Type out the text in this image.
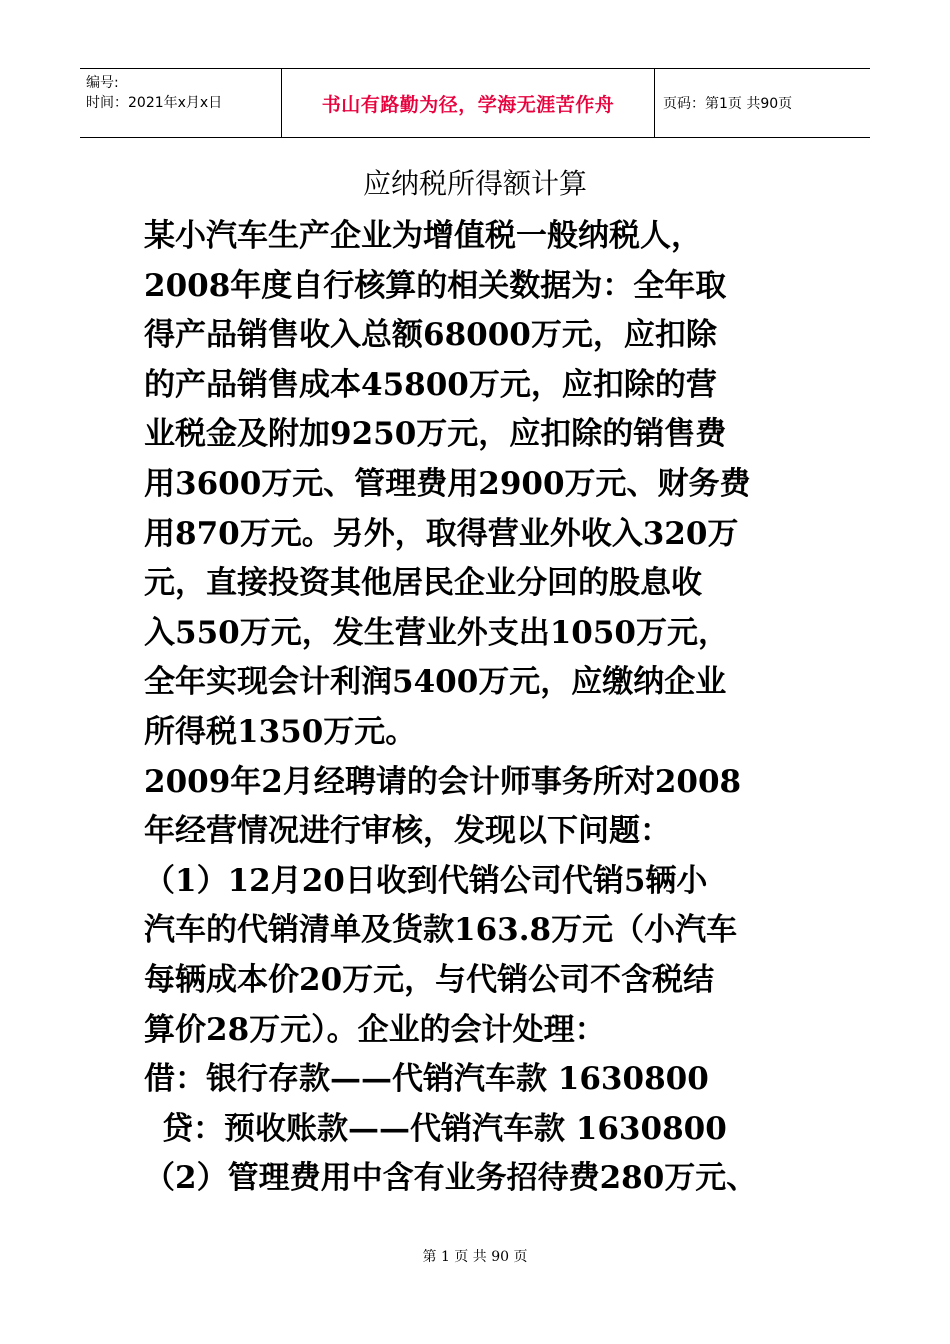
编号:
时间：2021年x月x日	书山有路勤为径，学海无涯苦作舟	页码：第1页 共90页
应纳税所得额计算

某小汽车生产企业为增值税一般纳税人，

2008年度自行核算的相关数据为：全年取

得产品销售收入总额68000万元，应扣除

的产品销售成本45800万元，应扣除的营

业税金及附加9250万元，应扣除的销售费

用3600万元、管理费用2900万元、财务费

用870万元。另外，取得营业外收入320万

元，直接投资其他居民企业分回的股息收

入550万元，发生营业外支出1050万元，

全年实现会计利润5400万元，应缴纳企业

所得税1350万元。

2009年2月经聘请的会计师事务所对2008

年经营情况进行审核，发现以下问题：

（1）12月20日收到代销公司代销5辆小

汽车的代销清单及货款163.8万元（小汽车

每辆成本价20万元，与代销公司不含税结

算价28万元）。企业的会计处理：

借：银行存款——代销汽车款 1630800

贷：预收账款——代销汽车款 1630800

（2）管理费用中含有业务招待费280万元、

第 1 页 共 90 页
